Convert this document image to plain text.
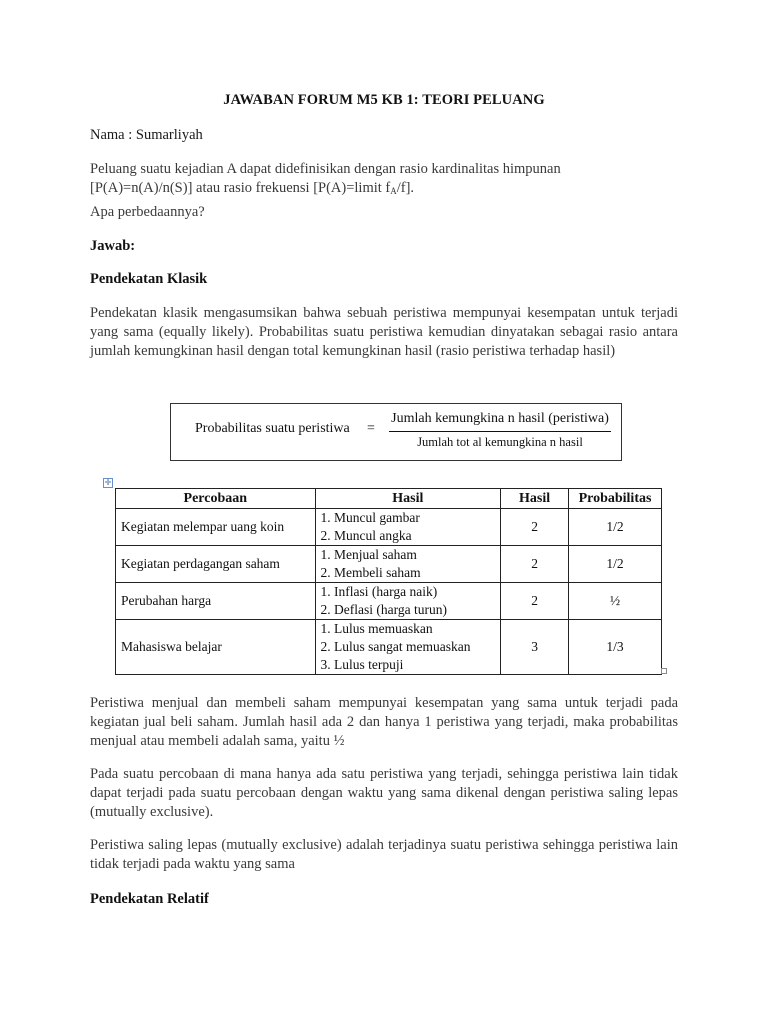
JAWABAN FORUM M5 KB 1: TEORI PELUANG

Nama : Sumarliyah

Peluang suatu kejadian A dapat didefinisikan dengan rasio kardinalitas himpunan

[P(A)=n(A)/n(S)] atau rasio frekuensi [P(A)=limit $f_A/f$].

Apa perbedaannya?

Jawab:

Pendekatan Klasik

Pendekatan klasik mengasumsikan bahwa sebuah peristiwa mempunyai kesempatan untuk terjadi yang sama (equally likely). Probabilitas suatu peristiwa kemudian dinyatakan sebagai rasio antara jumlah kemungkinan hasil dengan total kemungkinan hasil (rasio peristiwa terhadap hasil)

Probabilitas suatu peristiwa =
Jumlah kemungkina n hasil (peristiwa)
Jumlah tot al kemungkina n hasil
✛
Percobaan	Hasil	Hasil	Probabilitas
Kegiatan melempar uang koin	1. Muncul gambar
2. Muncul angka	2	1/2
Kegiatan perdagangan saham	1. Menjual saham
2. Membeli saham	2	1/2
Perubahan harga	1. Inflasi (harga naik)
2. Deflasi (harga turun)	2	½
Mahasiswa belajar	1. Lulus memuaskan
2. Lulus sangat memuaskan
3. Lulus terpuji	3	1/3

Peristiwa menjual dan membeli saham mempunyai kesempatan yang sama untuk terjadi pada kegiatan jual beli saham. Jumlah hasil ada 2 dan hanya 1 peristiwa yang terjadi, maka probabilitas menjual atau membeli adalah sama, yaitu ½

Pada suatu percobaan di mana hanya ada satu peristiwa yang terjadi, sehingga peristiwa lain tidak dapat terjadi pada suatu percobaan dengan waktu yang sama dikenal dengan peristiwa saling lepas (mutually exclusive).

Peristiwa saling lepas (mutually exclusive) adalah terjadinya suatu peristiwa sehingga peristiwa lain tidak terjadi pada waktu yang sama

Pendekatan Relatif
